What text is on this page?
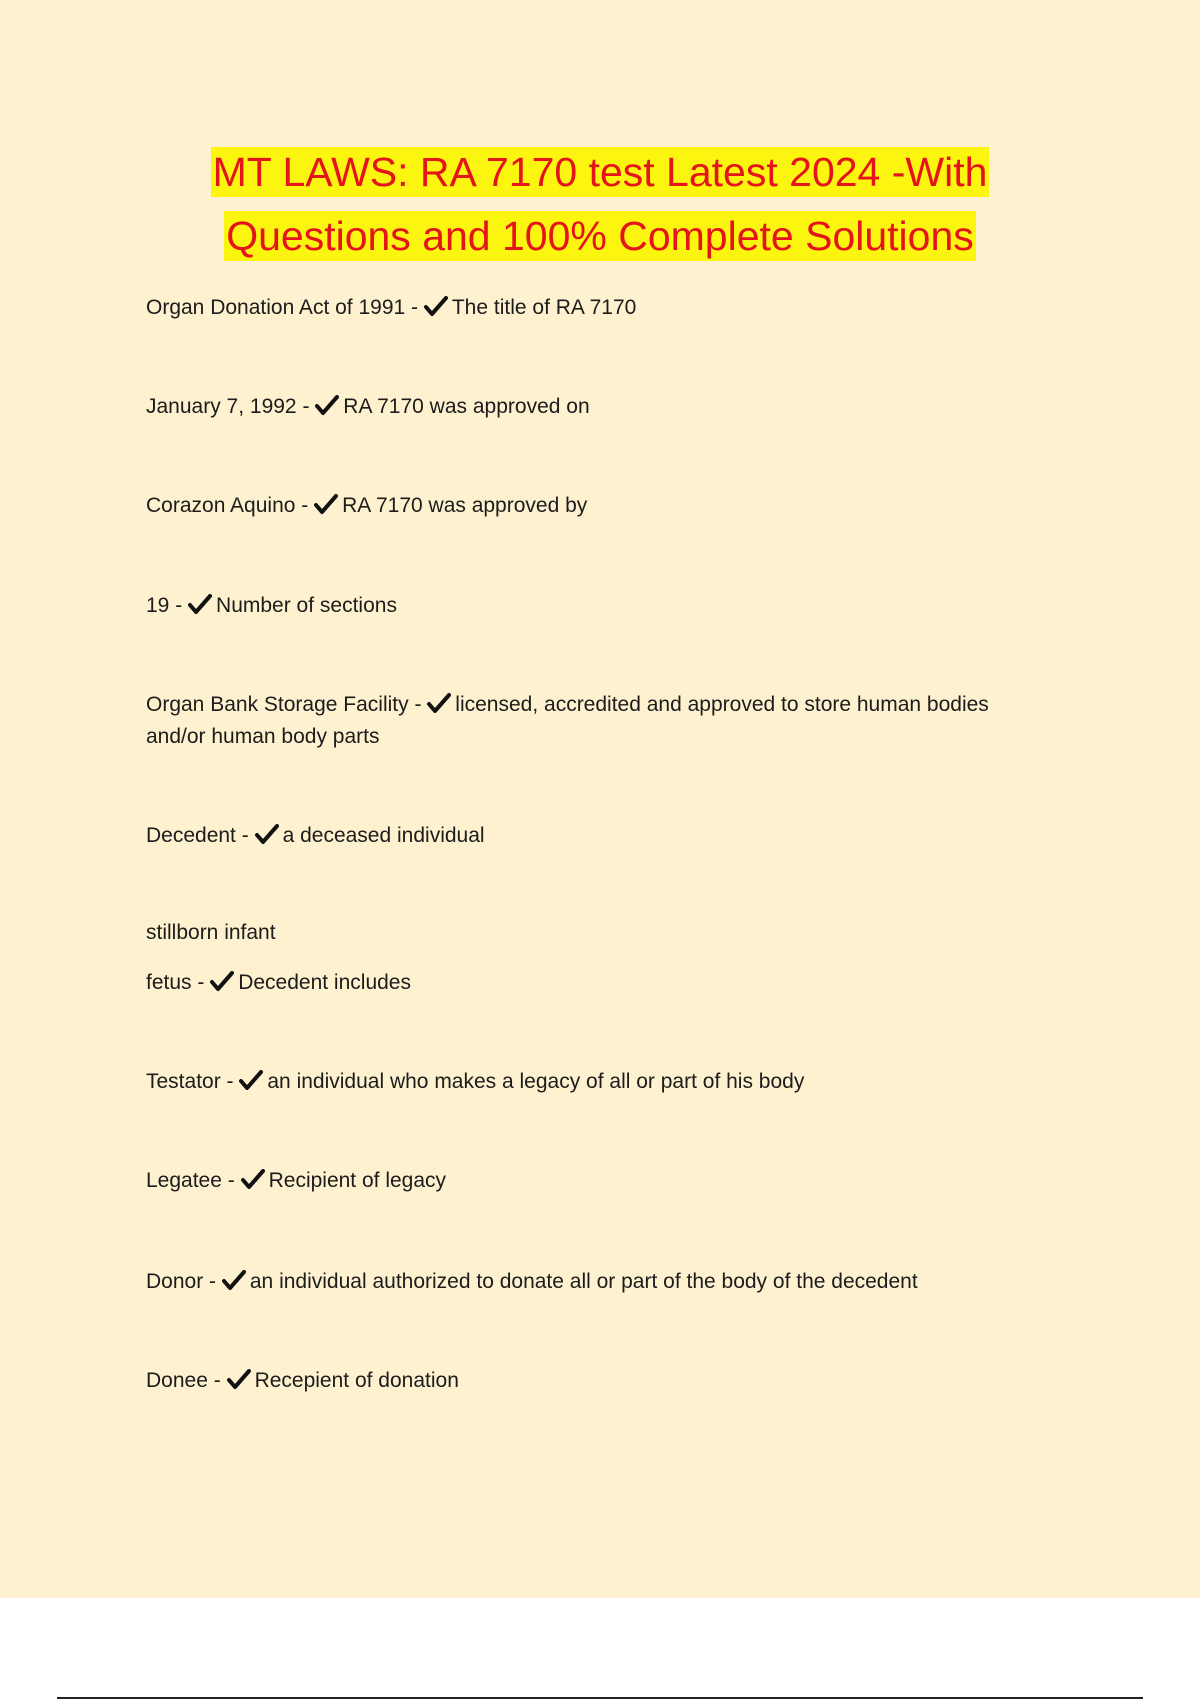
MT LAWS: RA 7170 test Latest 2024 -With
Questions and 100% Complete Solutions

Organ Donation Act of 1991 -
The title of RA 7170

January 7, 1992 -
RA 7170 was approved on

Corazon Aquino -
RA 7170 was approved by

19 -
Number of sections

Organ Bank Storage Facility -
licensed, accredited and approved to store human bodies and/or human body parts

Decedent -
a deceased individual

stillborn infant

fetus -
Decedent includes

Testator -
an individual who makes a legacy of all or part of his body

Legatee -
Recipient of legacy

Donor -
an individual authorized to donate all or part of the body of the decedent

Donee -
Recepient of donation
